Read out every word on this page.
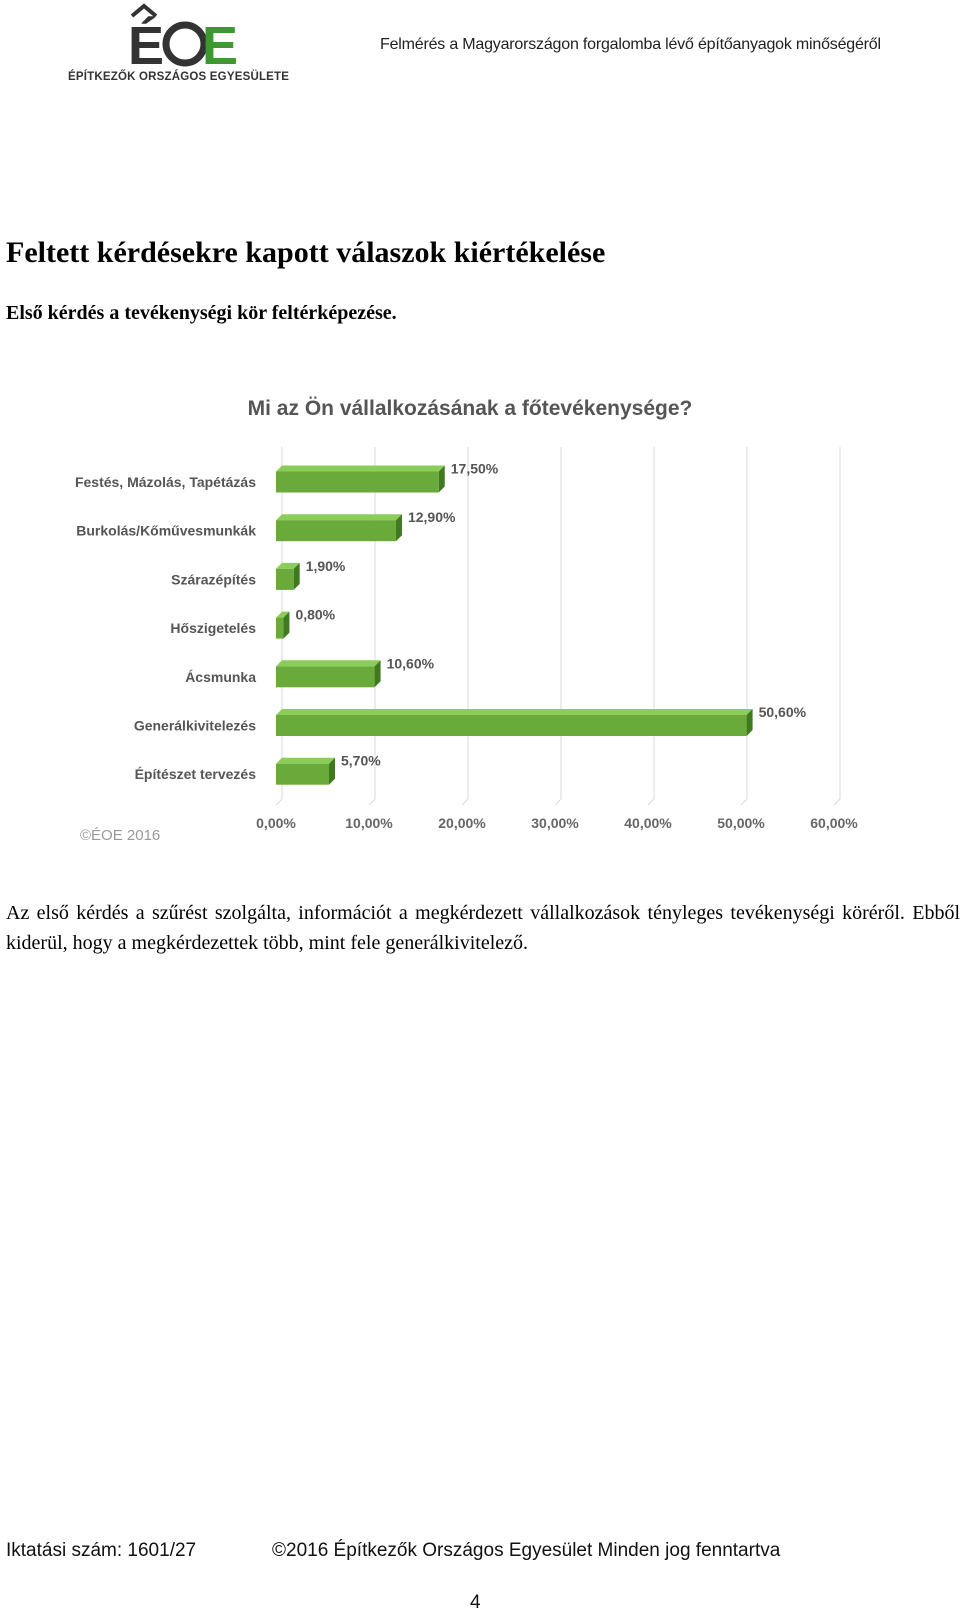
É E
ÉPÍTKEZŐK ORSZÁGOS EGYESÜLETE
Felmérés a Magyarországon forgalomba lévő építőanyagok minőségéről
Feltett kérdésekre kapott válaszok kiértékelése
Első kérdés a tevékenységi kör feltérképezése.
Mi az Ön vállalkozásának a főtevékenysége?
0,00%	10,00%	20,00%	30,00%	40,00%	50,00%	60,00%
Festés, Mázolás, Tapétázás
17,50%
Burkolás/Kőművesmunkák
12,90%
Szárazépítés
1,90%
Hőszigetelés
0,80%
Ácsmunka
10,60%
Generálkivitelezés
50,60%
Építészet tervezés
5,70%
©ÉOE 2016

Az első kérdés a szűrést szolgálta, információt a megkérdezett vállalkozások tényleges tevékenységi köréről. Ebből kiderül, hogy a megkérdezettek több, mint fele generálkivitelező.

Iktatási szám: 1601/27	©2016 Építkezők Országos Egyesület Minden jog fenntartva
4
